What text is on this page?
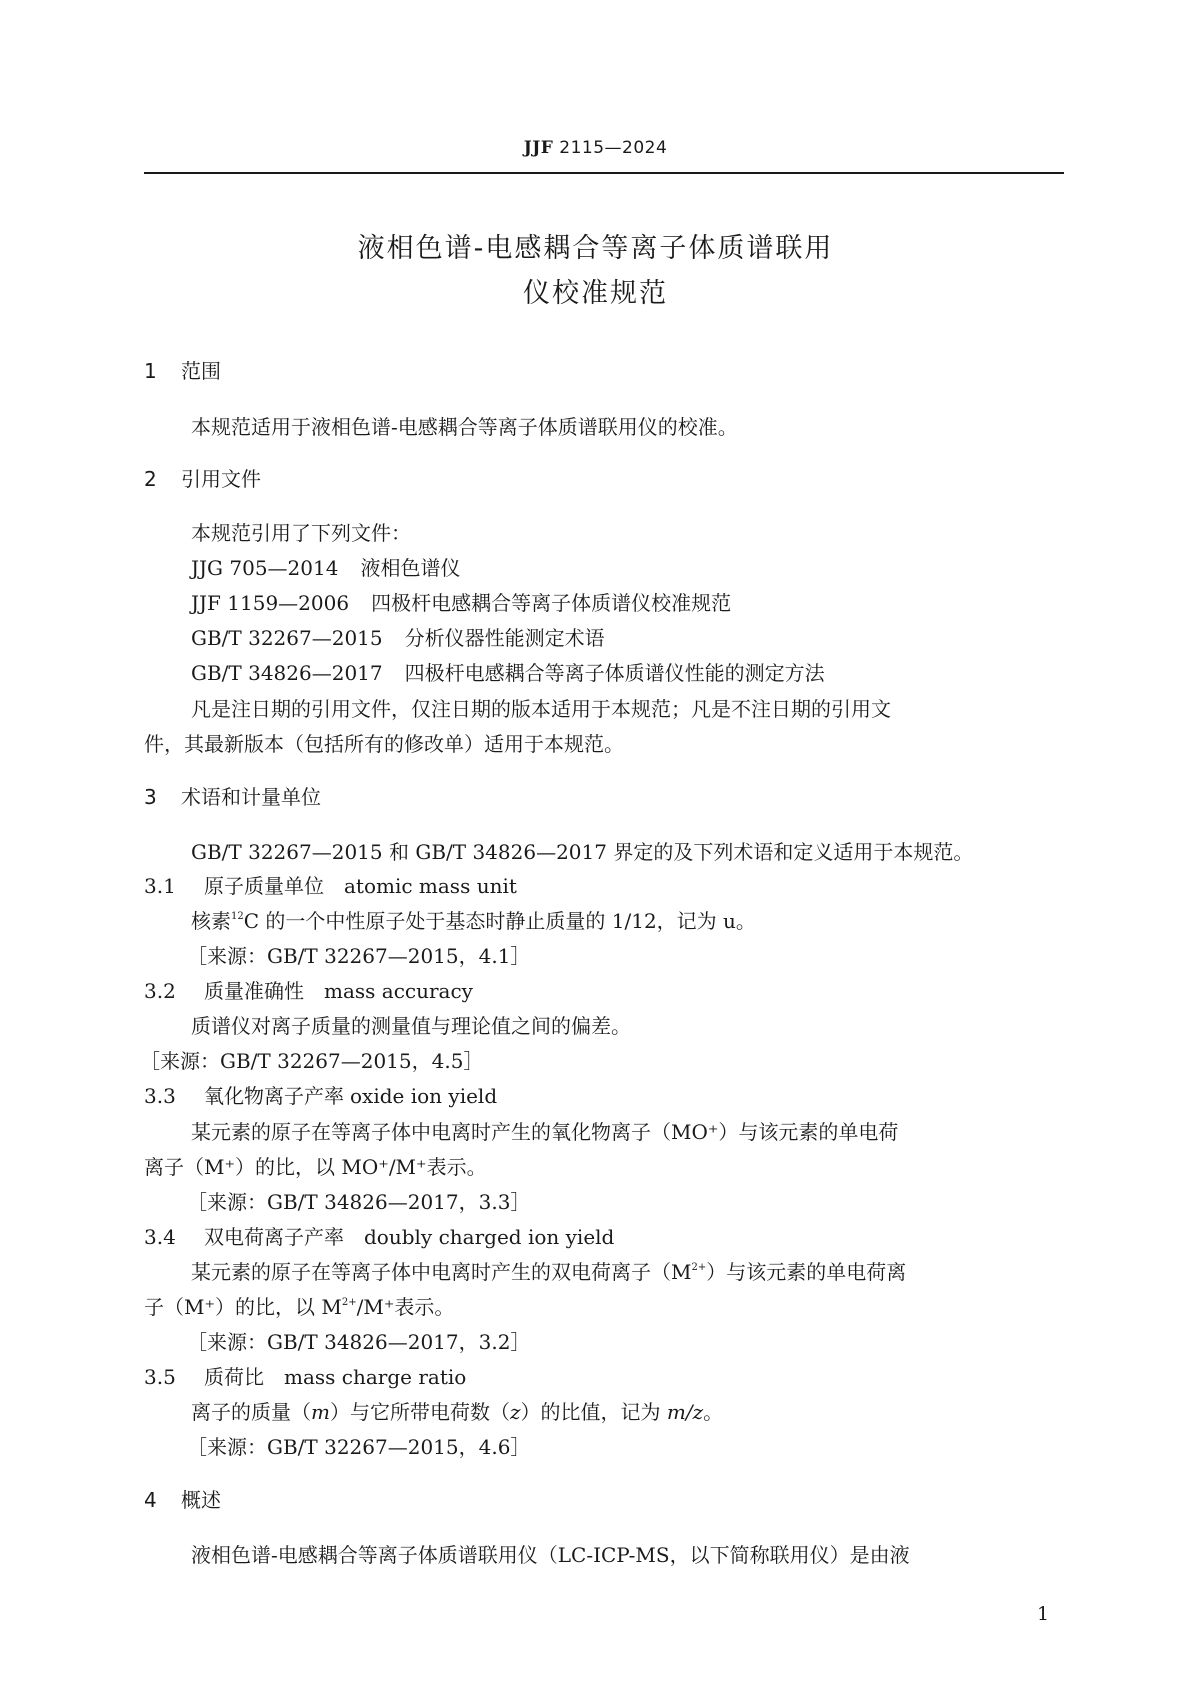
JJF 2115—2024
液相色谱-电感耦合等离子体质谱联用
仪校准规范
1 范围
本规范适用于液相色谱-电感耦合等离子体质谱联用仪的校准。
2 引用文件
本规范引用了下列文件：
JJG 705—2014 液相色谱仪
JJF 1159—2006 四极杆电感耦合等离子体质谱仪校准规范
GB/T 32267—2015 分析仪器性能测定术语
GB/T 34826—2017 四极杆电感耦合等离子体质谱仪性能的测定方法
凡是注日期的引用文件，仅注日期的版本适用于本规范；凡是不注日期的引用文
件，其最新版本（包括所有的修改单）适用于本规范。
3 术语和计量单位
GB/T 32267—2015 和 GB/T 34826—2017 界定的及下列术语和定义适用于本规范。
3.1 原子质量单位 atomic mass unit
核素$^{12}$C 的一个中性原子处于基态时静止质量的 1/12，记为 u。
［来源：GB/T 32267—2015，4.1］
3.2 质量准确性 mass accuracy
质谱仪对离子质量的测量值与理论值之间的偏差。
［来源：GB/T 32267—2015，4.5］
3.3 氧化物离子产率 oxide ion yield
某元素的原子在等离子体中电离时产生的氧化物离子（MO⁺）与该元素的单电荷
离子（M⁺）的比，以 MO⁺/M⁺表示。
［来源：GB/T 34826—2017，3.3］
3.4 双电荷离子产率 doubly charged ion yield
某元素的原子在等离子体中电离时产生的双电荷离子$(M^{2+})$与该元素的单电荷离
子（M⁺）的比，以 $M^{2+}/M^+$表示。
［来源：GB/T 34826—2017，3.2］
3.5 质荷比 mass charge ratio
离子的质量（m）与它所带电荷数（z）的比值，记为 m/z。
［来源：GB/T 32267—2015，4.6］
4 概述
液相色谱-电感耦合等离子体质谱联用仪（LC-ICP-MS，以下简称联用仪）是由液
1
